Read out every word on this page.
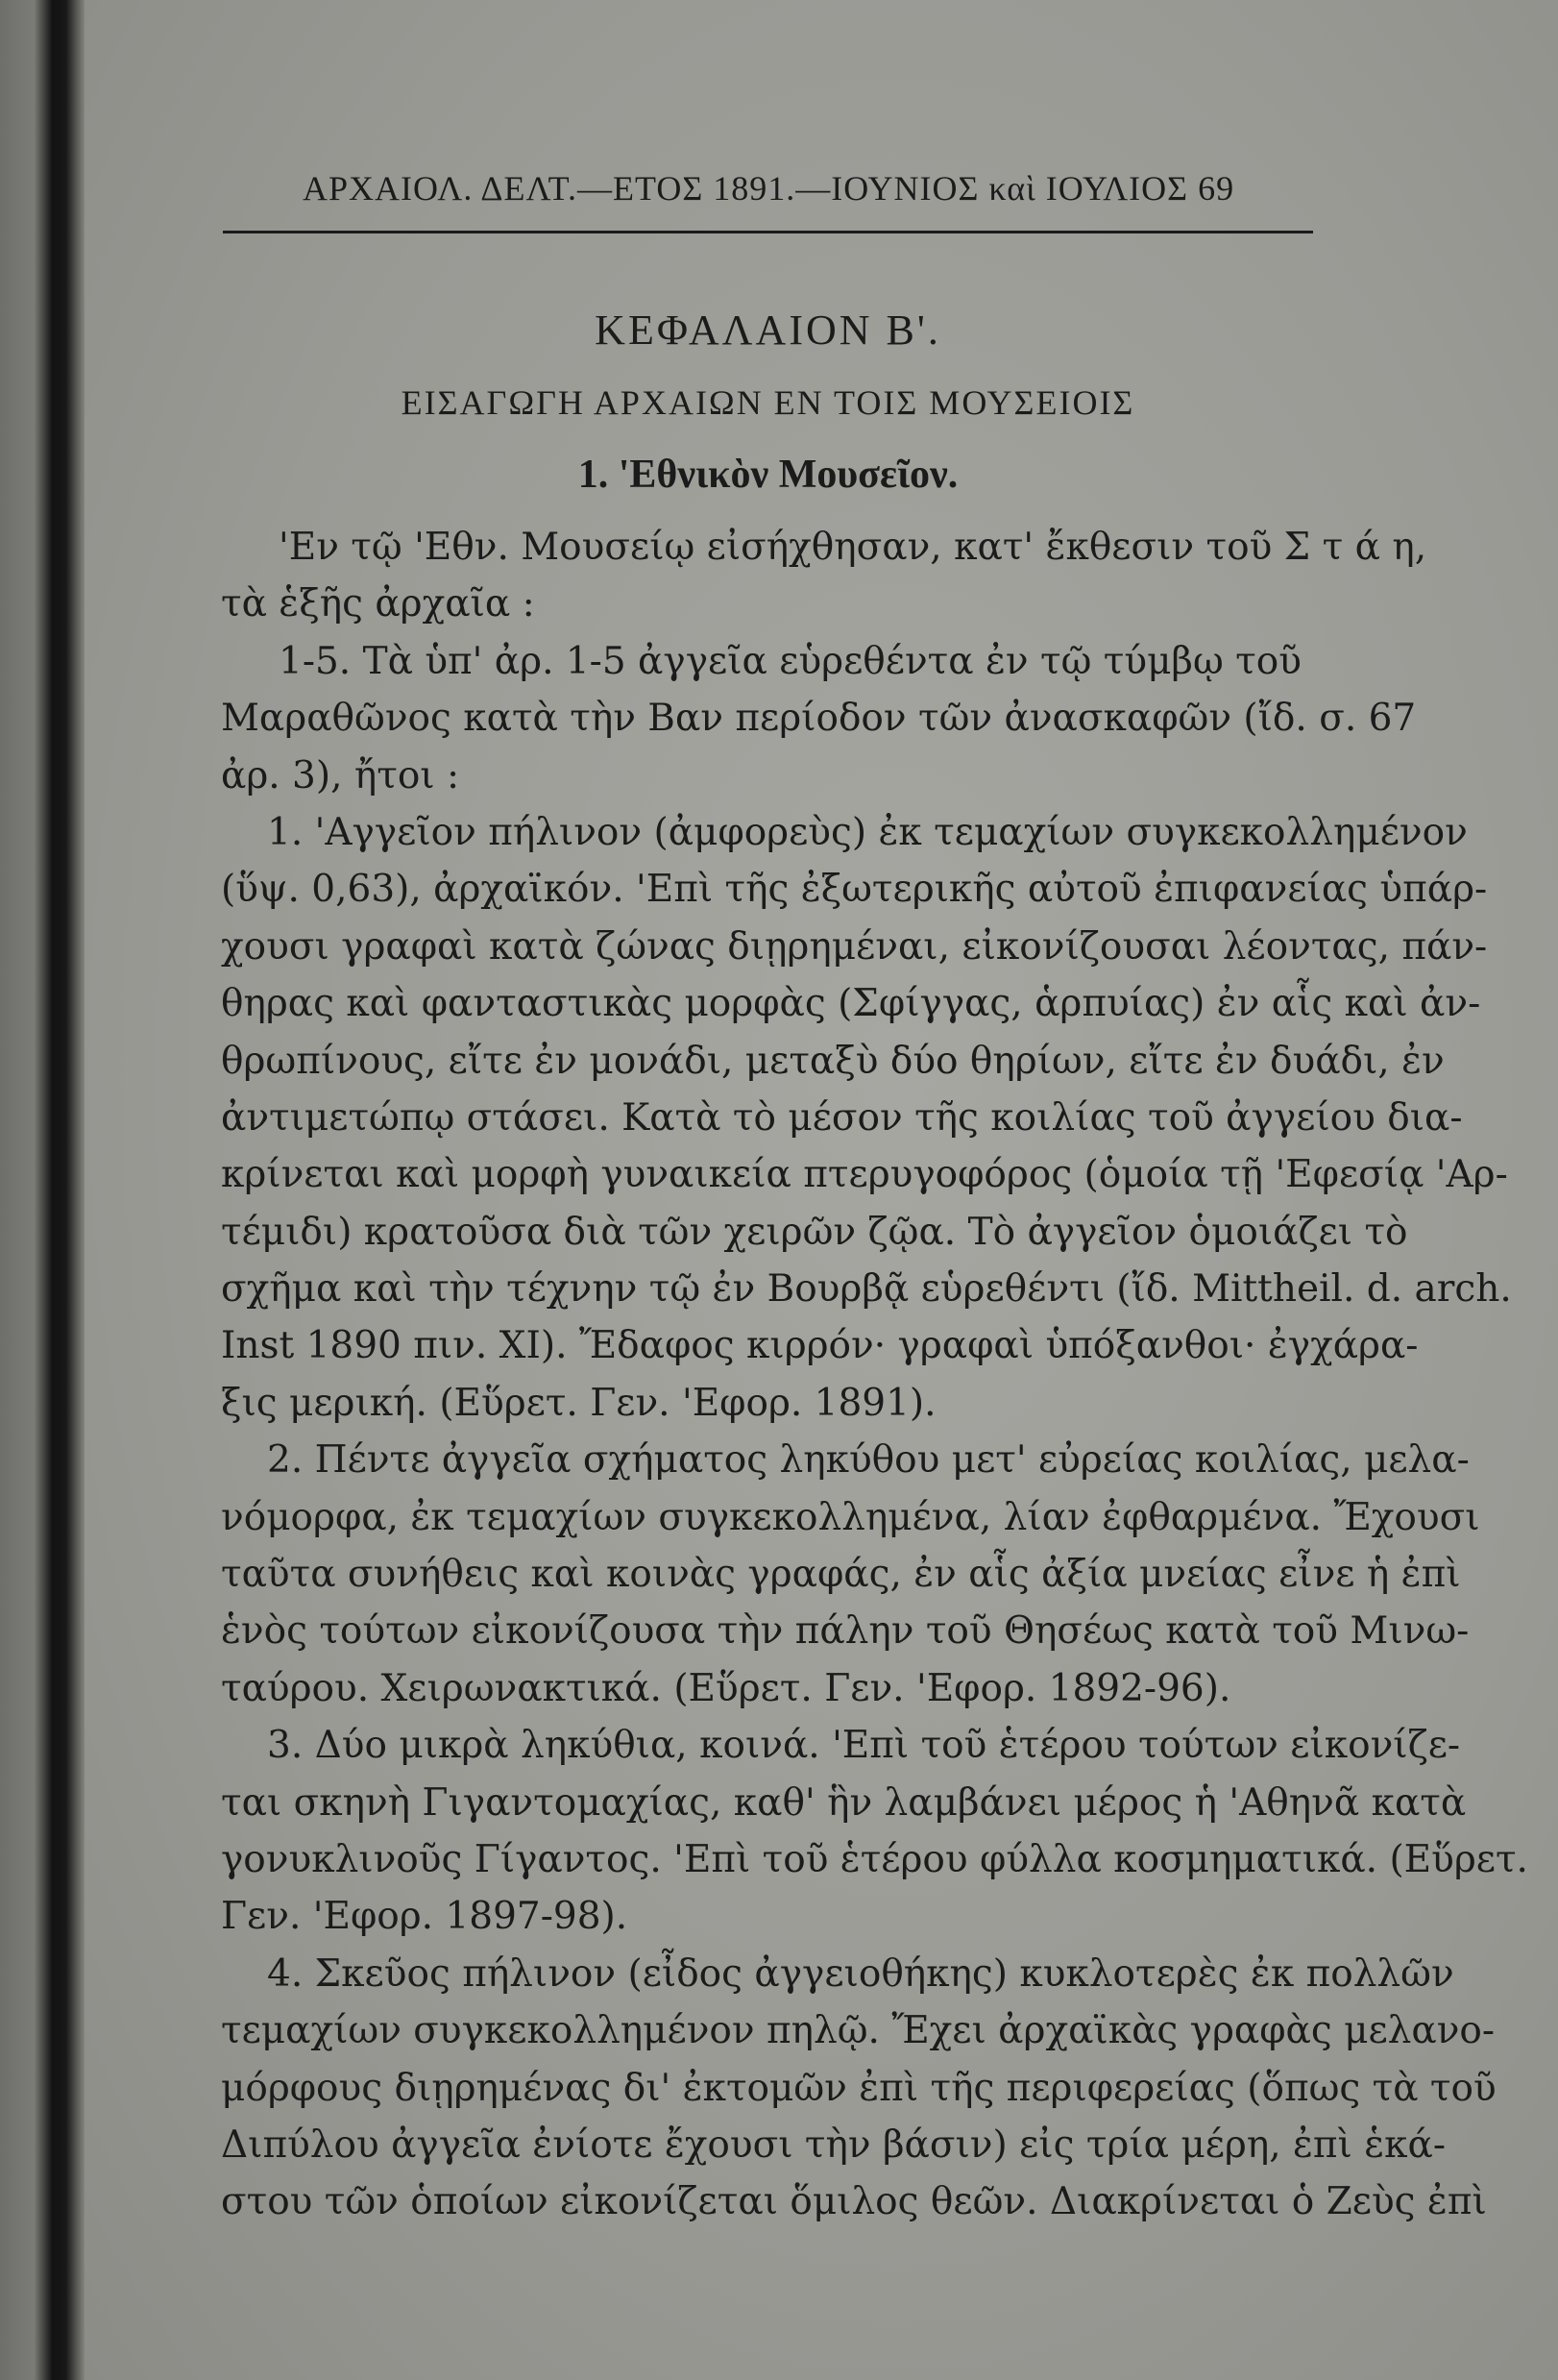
ΑΡΧΑΙΟΛ. ΔΕΛΤ.—ΕΤΟΣ 1891.—ΙΟΥΝΙΟΣ καὶ ΙΟΥΛΙΟΣ 69
ΚΕΦΑΛΑΙΟΝ Β'.
ΕΙΣΑΓΩΓΗ ΑΡΧΑΙΩΝ ΕΝ ΤΟΙΣ ΜΟΥΣΕΙΟΙΣ
1. 'Εθνικὸν Μουσεῖον.
'Εν τῷ 'Εθν. Μουσείῳ εἰσήχθησαν, κατ' ἔκθεσιν τοῦ Σ τ ά η,
τὰ ἑξῆς ἀρχαῖα :
1-5. Τὰ ὑπ' ἀρ. 1-5 ἀγγεῖα εὑρεθέντα ἐν τῷ τύμβῳ τοῦ
Μαραθῶνος κατὰ τὴν Βαν περίοδον τῶν ἀνασκαφῶν (ἴδ. σ. 67
ἀρ. 3), ἤτοι :
1. 'Αγγεῖον πήλινον (ἀμφορεὺς) ἐκ τεμαχίων συγκεκολλημένον
(ὕψ. 0,63), ἀρχαϊκόν. 'Επὶ τῆς ἐξωτερικῆς αὐτοῦ ἐπιφανείας ὑπάρ-
χουσι γραφαὶ κατὰ ζώνας διῃρημέναι, εἰκονίζουσαι λέοντας, πάν-
θηρας καὶ φανταστικὰς μορφὰς (Σφίγγας, ἁρπυίας) ἐν αἷς καὶ ἀν-
θρωπίνους, εἴτε ἐν μονάδι, μεταξὺ δύο θηρίων, εἴτε ἐν δυάδι, ἐν
ἀντιμετώπῳ στάσει. Κατὰ τὸ μέσον τῆς κοιλίας τοῦ ἀγγείου δια-
κρίνεται καὶ μορφὴ γυναικεία πτερυγοφόρος (ὁμοία τῇ 'Εφεσίᾳ 'Αρ-
τέμιδι) κρατοῦσα διὰ τῶν χειρῶν ζῷα. Τὸ ἀγγεῖον ὁμοιάζει τὸ
σχῆμα καὶ τὴν τέχνην τῷ ἐν Βουρβᾷ εὑρεθέντι (ἴδ. Mittheil. d. arch.
Inst 1890 πιν. XI). Ἔδαφος κιρρόν· γραφαὶ ὑπόξανθοι· ἐγχάρα-
ξις μερική. (Εὕρετ. Γεν. 'Εφορ. 1891).
2. Πέντε ἀγγεῖα σχήματος ληκύθου μετ' εὐρείας κοιλίας, μελα-
νόμορφα, ἐκ τεμαχίων συγκεκολλημένα, λίαν ἐφθαρμένα. Ἔχουσι
ταῦτα συνήθεις καὶ κοινὰς γραφάς, ἐν αἷς ἀξία μνείας εἶνε ἡ ἐπὶ
ἑνὸς τούτων εἰκονίζουσα τὴν πάλην τοῦ Θησέως κατὰ τοῦ Μινω-
ταύρου. Χειρωνακτικά. (Εὕρετ. Γεν. 'Εφορ. 1892-96).
3. Δύο μικρὰ ληκύθια, κοινά. 'Επὶ τοῦ ἑτέρου τούτων εἰκονίζε-
ται σκηνὴ Γιγαντομαχίας, καθ' ἣν λαμβάνει μέρος ἡ 'Αθηνᾶ κατὰ
γονυκλινοῦς Γίγαντος. 'Επὶ τοῦ ἑτέρου φύλλα κοσμηματικά. (Εὕρετ.
Γεν. 'Εφορ. 1897-98).
4. Σκεῦος πήλινον (εἶδος ἀγγειοθήκης) κυκλοτερὲς ἐκ πολλῶν
τεμαχίων συγκεκολλημένον πηλῷ. Ἔχει ἀρχαϊκὰς γραφὰς μελανο-
μόρφους διῃρημένας δι' ἐκτομῶν ἐπὶ τῆς περιφερείας (ὅπως τὰ τοῦ
Διπύλου ἀγγεῖα ἐνίοτε ἔχουσι τὴν βάσιν) εἰς τρία μέρη, ἐπὶ ἑκά-
στου τῶν ὁποίων εἰκονίζεται ὅμιλος θεῶν. Διακρίνεται ὁ Ζεὺς ἐπὶ
